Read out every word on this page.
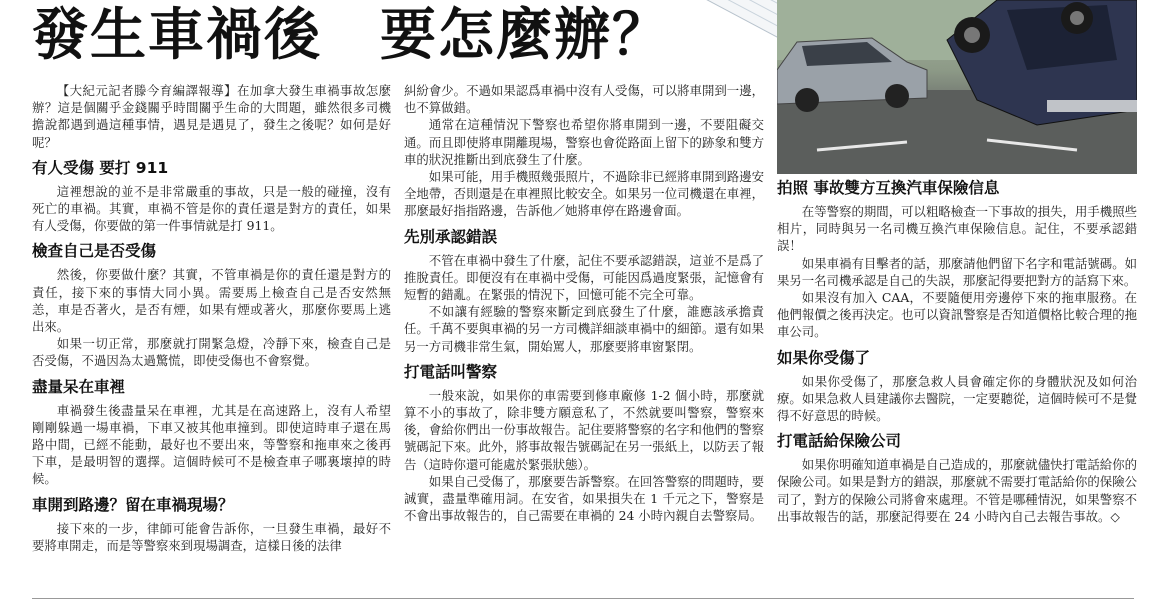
發生車禍後　要怎麼辦？

【大紀元記者滕今育編譯報導】在加拿大發生車禍事故怎麼辦？這是個關乎金錢關乎時間關乎生命的大問題，雖然很多司機擔說都遇到過這種事情，遇見是遇見了，發生之後呢？如何是好呢？

有人受傷 要打 911

這裡想說的並不是非常嚴重的事故，只是一般的碰撞，沒有死亡的車禍。其實，車禍不管是你的責任還是對方的責任，如果有人受傷，你要做的第一件事情就是打 911。

檢查自己是否受傷

然後，你要做什麼？其實，不管車禍是你的責任還是對方的責任，接下來的事情大同小異。需要馬上檢查自己是否安然無恙，車是否著火，是否有煙，如果有煙或著火，那麼你要馬上逃出來。

如果一切正常，那麼就打開緊急燈，冷靜下來，檢查自己是否受傷，不過因為太過驚慌，即使受傷也不會察覺。

盡量呆在車裡

車禍發生後盡量呆在車裡，尤其是在高速路上，沒有人希望剛剛躲過一場車禍，下車又被其他車撞到。即使這時車子還在馬路中間，已經不能動，最好也不要出來，等警察和拖車來之後再下車，是最明智的選擇。這個時候可不是檢查車子哪裏壞掉的時候。

車開到路邊？留在車禍現場？

接下來的一步，律師可能會告訴你，一旦發生車禍，最好不要將車開走，而是等警察來到現場調查，這樣日後的法律

糾紛會少。不過如果認爲車禍中沒有人受傷，可以將車開到一邊，也不算做錯。

通常在這種情況下警察也希望你將車開到一邊，不要阻礙交通。而且即使將車開離現場，警察也會從路面上留下的跡象和雙方車的狀況推斷出到底發生了什麼。

如果可能，用手機照幾張照片，不過除非已經將車開到路邊安全地帶，否則還是在車裡照比較安全。如果另一位司機還在車裡，那麼最好指指路邊，告訴他／她將車停在路邊會面。

先別承認錯誤

不管在車禍中發生了什麼，記住不要承認錯誤，這並不是爲了推脫責任。即便沒有在車禍中受傷，可能因爲過度緊張，記憶會有短暫的錯亂。在緊張的情況下，回憶可能不完全可靠。

不如讓有經驗的警察來斷定到底發生了什麼，誰應該承擔責任。千萬不要與車禍的另一方司機詳細談車禍中的細節。還有如果另一方司機非常生氣，開始罵人，那麼要將車窗緊閉。

打電話叫警察

一般來說，如果你的車需要到修車廠修 1-2 個小時，那麼就算不小的事故了，除非雙方願意私了，不然就要叫警察，警察來後，會給你們出一份事故報告。記住要將警察的名字和他們的警察號碼記下來。此外，將事故報告號碼記在另一張紙上，以防丟了報告（這時你還可能處於緊張狀態）。

如果自己受傷了，那麼要告訴警察。在回答警察的問題時，要誠實，盡量準確用詞。在安省，如果損失在 1 千元之下，警察是不會出事故報告的，自己需要在車禍的 24 小時內親自去警察局。

拍照 事故雙方互換汽車保險信息

在等警察的期間，可以粗略檢查一下事故的損失，用手機照些相片，同時與另一名司機互換汽車保險信息。記住，不要承認錯誤！

如果車禍有目擊者的話，那麼請他們留下名字和電話號碼。如果另一名司機承認是自己的失誤，那麼記得要把對方的話寫下來。

如果沒有加入 CAA，不要隨便用旁邊停下來的拖車服務。在他們報價之後再決定。也可以資訊警察是否知道價格比較合理的拖車公司。

如果你受傷了

如果你受傷了，那麼急救人員會確定你的身體狀況及如何治療。如果急救人員建議你去醫院，一定要聽從，這個時候可不是覺得不好意思的時候。

打電話給保險公司

如果你明確知道車禍是自己造成的，那麼就儘快打電話給你的保險公司。如果是對方的錯誤，那麼就不需要打電話給你的保險公司了，對方的保險公司將會來處理。不管是哪種情況，如果警察不出事故報告的話，那麼記得要在 24 小時內自己去報告事故。◇
